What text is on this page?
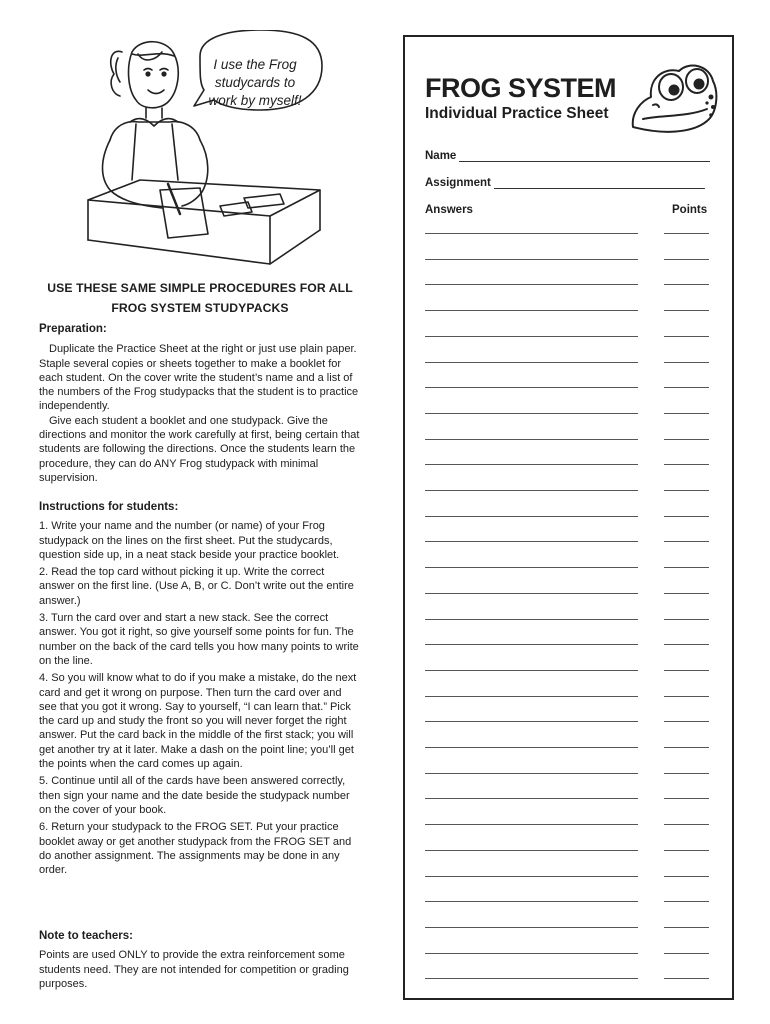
I use the Frog studycards to work by myself!
USE THESE SAME SIMPLE PROCEDURES FOR ALL
FROG SYSTEM STUDYPACKS

Preparation:

Duplicate the Practice Sheet at the right or just use plain paper. Staple several copies or sheets together to make a booklet for each student. On the cover write the student’s name and a list of the numbers of the Frog studypacks that the student is to practice independently.

Give each student a booklet and one studypack. Give the directions and monitor the work carefully at first, being certain that students are following the directions. Once the students learn the procedure, they can do ANY Frog studypack with minimal supervision.

Instructions for students:

1. Write your name and the number (or name) of your Frog studypack on the lines on the first sheet. Put the studycards, question side up, in a neat stack beside your practice booklet.

2. Read the top card without picking it up. Write the correct answer on the first line. (Use A, B, or C. Don’t write out the entire answer.)

3. Turn the card over and start a new stack. See the correct answer. You got it right, so give yourself some points for fun. The number on the back of the card tells you how many points to write on the line.

4. So you will know what to do if you make a mistake, do the next card and get it wrong on purpose. Then turn the card over and see that you got it wrong. Say to yourself, “I can learn that.” Pick the card up and study the front so you will never forget the right answer. Put the card back in the middle of the first stack; you will get another try at it later. Make a dash on the point line; you’ll get the points when the card comes up again.

5. Continue until all of the cards have been answered correctly, then sign your name and the date beside the studypack number on the cover of your book.

6. Return your studypack to the FROG SET. Put your practice booklet away or get another studypack from the FROG SET and do another assignment. The assignments may be done in any order.

Note to teachers:

Points are used ONLY to provide the extra reinforcement some students need. They are not intended for competition or grading purposes.

FROG SYSTEM
Individual Practice Sheet
Name
Assignment
Answers	Points
